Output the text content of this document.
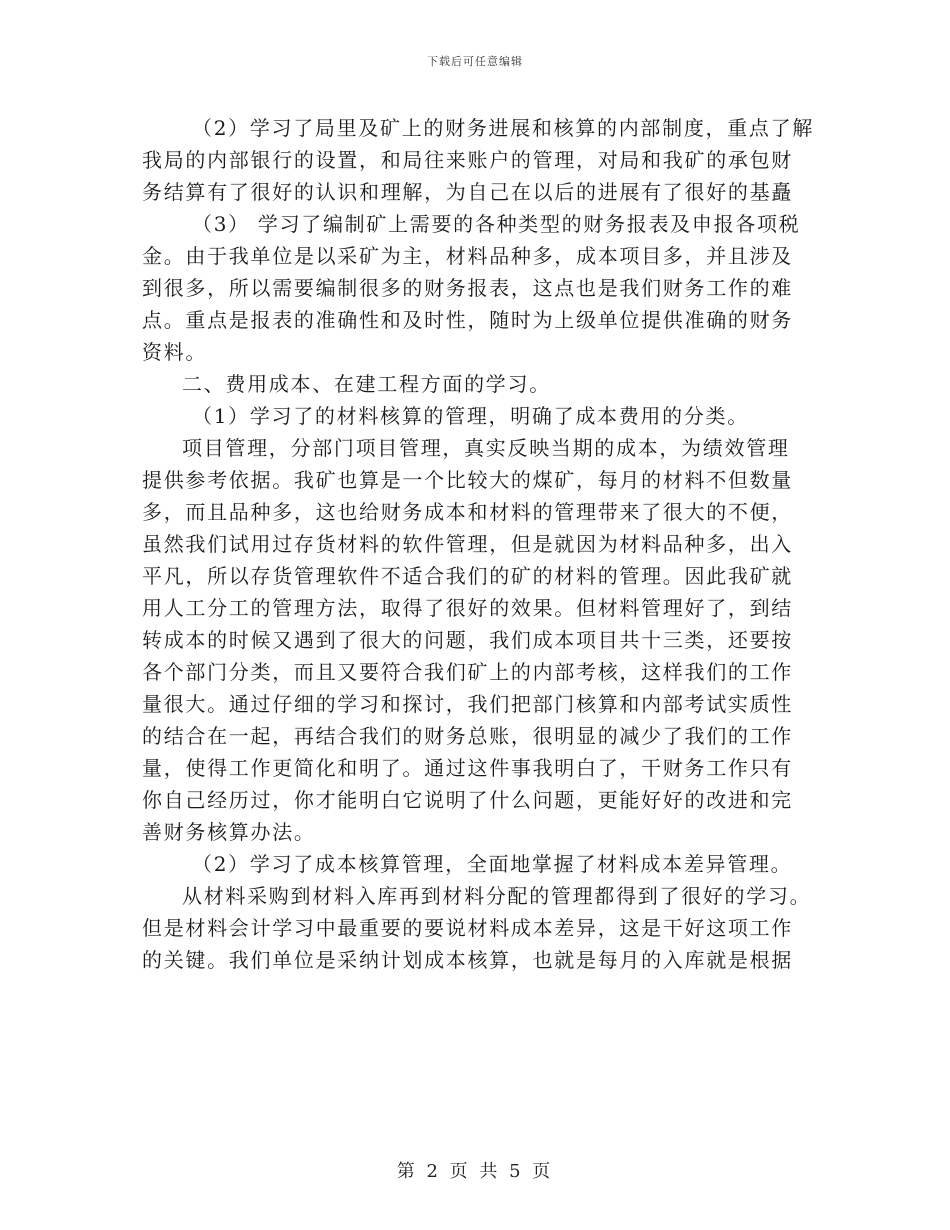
下载后可任意编辑
（2）学习了局里及矿上的财务进展和核算的内部制度，重点了解
我局的内部银行的设置，和局往来账户的管理，对局和我矿的承包财
务结算有了很好的认识和理解，为自己在以后的进展有了很好的基矗
（3） 学习了编制矿上需要的各种类型的财务报表及申报各项税
金。由于我单位是以采矿为主，材料品种多，成本项目多，并且涉及
到很多，所以需要编制很多的财务报表，这点也是我们财务工作的难
点。重点是报表的准确性和及时性，随时为上级单位提供准确的财务
资料。
二、费用成本、在建工程方面的学习。
（1）学习了的材料核算的管理，明确了成本费用的分类。
项目管理，分部门项目管理，真实反映当期的成本，为绩效管理
提供参考依据。我矿也算是一个比较大的煤矿，每月的材料不但数量
多，而且品种多，这也给财务成本和材料的管理带来了很大的不便，
虽然我们试用过存货材料的软件管理，但是就因为材料品种多，出入
平凡，所以存货管理软件不适合我们的矿的材料的管理。因此我矿就
用人工分工的管理方法，取得了很好的效果。但材料管理好了，到结
转成本的时候又遇到了很大的问题，我们成本项目共十三类，还要按
各个部门分类，而且又要符合我们矿上的内部考核，这样我们的工作
量很大。通过仔细的学习和探讨，我们把部门核算和内部考试实质性
的结合在一起，再结合我们的财务总账，很明显的减少了我们的工作
量，使得工作更简化和明了。通过这件事我明白了，干财务工作只有
你自己经历过，你才能明白它说明了什么问题，更能好好的改进和完
善财务核算办法。
（2）学习了成本核算管理，全面地掌握了材料成本差异管理。
从材料采购到材料入库再到材料分配的管理都得到了很好的学习。
但是材料会计学习中最重要的要说材料成本差异，这是干好这项工作
的关键。我们单位是采纳计划成本核算，也就是每月的入库就是根据
第 2 页 共 5 页
